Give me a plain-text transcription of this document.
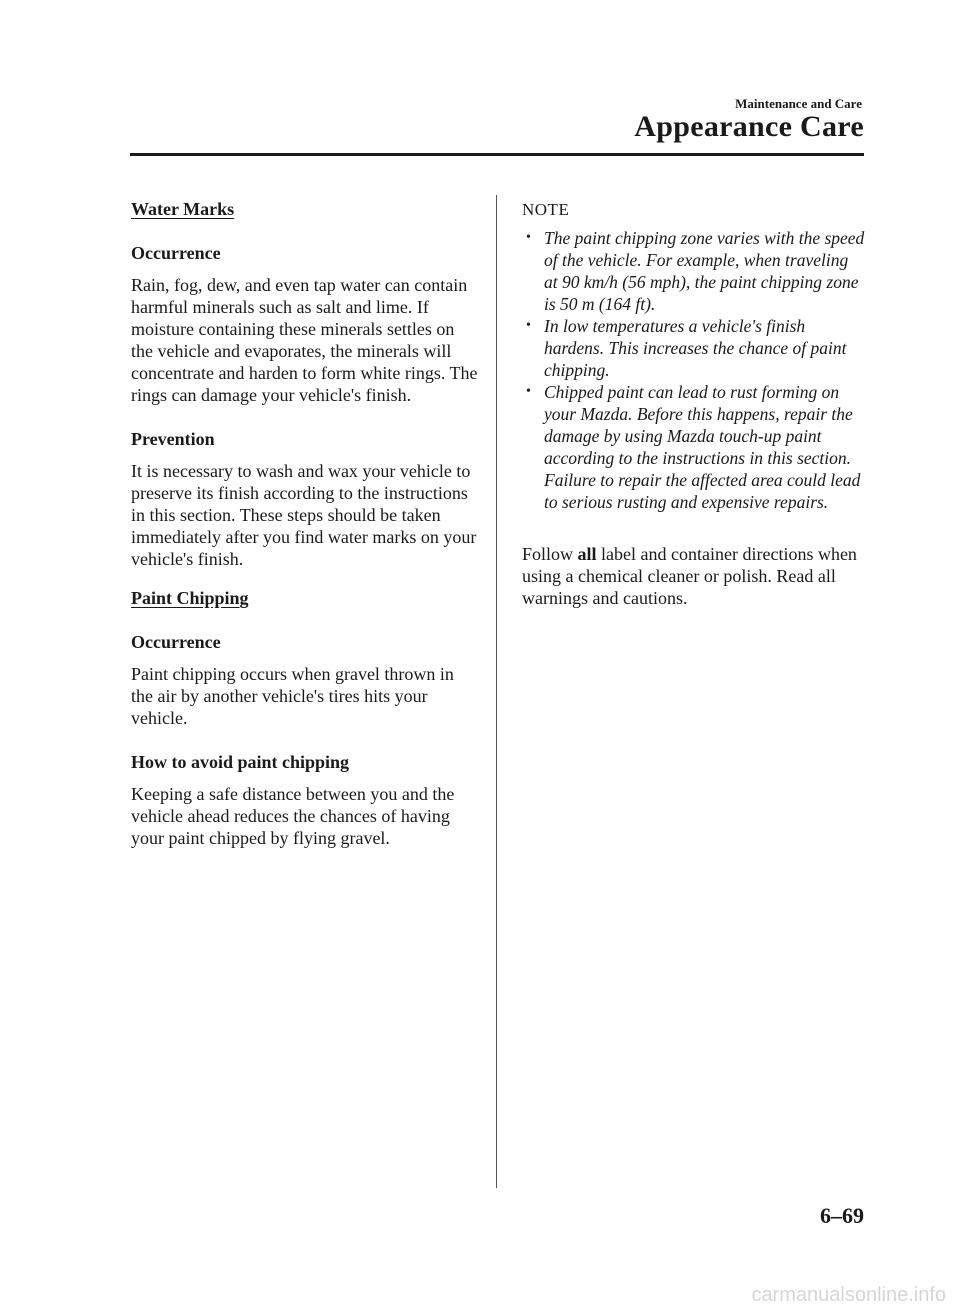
Maintenance and Care
Appearance Care
Water Marks
Occurrence

Rain, fog, dew, and even tap water can contain harmful minerals such as salt and lime. If moisture containing these minerals settles on the vehicle and evaporates, the minerals will concentrate and harden to form white rings. The rings can damage your vehicle's finish.

Prevention

It is necessary to wash and wax your vehicle to preserve its finish according to the instructions in this section. These steps should be taken immediately after you find water marks on your vehicle's finish.

Paint Chipping
Occurrence

Paint chipping occurs when gravel thrown in the air by another vehicle's tires hits your vehicle.

How to avoid paint chipping

Keeping a safe distance between you and the vehicle ahead reduces the chances of having your paint chipped by flying gravel.

NOTE
• The paint chipping zone varies with the speed of the vehicle. For example, when traveling at 90 km/h (56 mph), the paint chipping zone is 50 m (164 ft).
• In low temperatures a vehicle's finish hardens. This increases the chance of paint chipping.
• Chipped paint can lead to rust forming on your Mazda. Before this happens, repair the damage by using Mazda touch-up paint according to the instructions in this section. Failure to repair the affected area could lead to serious rusting and expensive repairs.

Follow all label and container directions when using a chemical cleaner or polish. Read all warnings and cautions.

6–69
carmanualsonline.info
